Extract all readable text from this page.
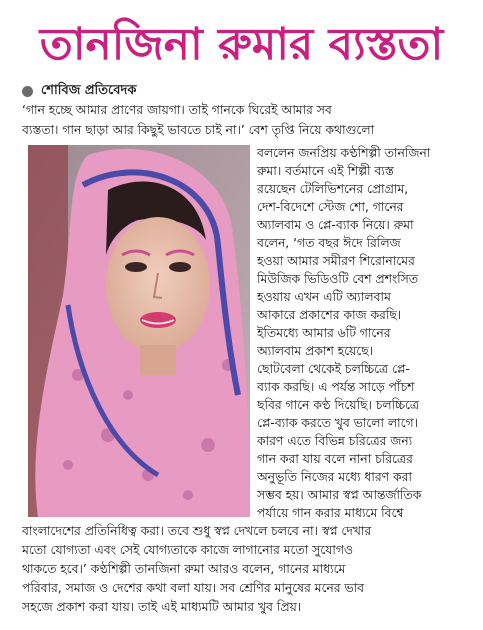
তানজিনা রুমার ব্যস্ততা
শোবিজ প্রতিবেদক
‘গান হচ্ছে আমার প্রাণের জায়গা। তাই গানকে ঘিরেই আমার সব
ব্যস্ততা। গান ছাড়া আর কিছুই ভাবতে চাই না।’ বেশ তৃপ্তি নিয়ে কথাগুলো
বললেন জনপ্রিয় কণ্ঠশিল্পী তানজিনা
রুমা। বর্তমানে এই শিল্পী ব্যস্ত
রয়েছেন টেলিভিশনের প্রোগ্রাম,
দেশ-বিদেশে স্টেজ শো, গানের
অ্যালবাম ও প্লে-ব্যাক নিয়ে। রুমা
বলেন, ‘গত বছর ঈদে রিলিজ
হওয়া আমার সমীরণ শিরোনামের
মিউজিক ভিডিওটি বেশ প্রশংসিত
হওয়ায় এখন এটি অ্যালবাম
আকারে প্রকাশের কাজ করছি।
ইতিমধ্যে আমার ৬টি গানের
অ্যালবাম প্রকাশ হয়েছে।
ছোটবেলা থেকেই চলচ্চিত্রে প্লে-
ব্যাক করছি। এ পর্যন্ত সাড়ে পাঁচশ
ছবির গানে কণ্ঠ দিয়েছি। চলচ্চিত্রে
প্লে-ব্যাক করতে খুব ভালো লাগে।
কারণ এতে বিভিন্ন চরিত্রের জন্য
গান করা যায় বলে নানা চরিত্রের
অনুভূতি নিজের মধ্যে ধারণ করা
সম্ভব হয়। আমার স্বপ্ন আন্তর্জাতিক
পর্যায়ে গান করার মাধ্যমে বিশ্বে
বাংলাদেশের প্রতিনিধিত্ব করা। তবে শুধু স্বপ্ন দেখলে চলবে না। স্বপ্ন দেখার
মতো যোগ্যতা এবং সেই যোগ্যতাকে কাজে লাগানোর মতো সুযোগও
থাকতে হবে।’ কণ্ঠশিল্পী তানজিনা রুমা আরও বলেন, গানের মাধ্যমে
পরিবার, সমাজ ও দেশের কথা বলা যায়। সব শ্রেণির মানুষের মনের ভাব
সহজে প্রকাশ করা যায়। তাই এই মাধ্যমটি আমার খুব প্রিয়।
